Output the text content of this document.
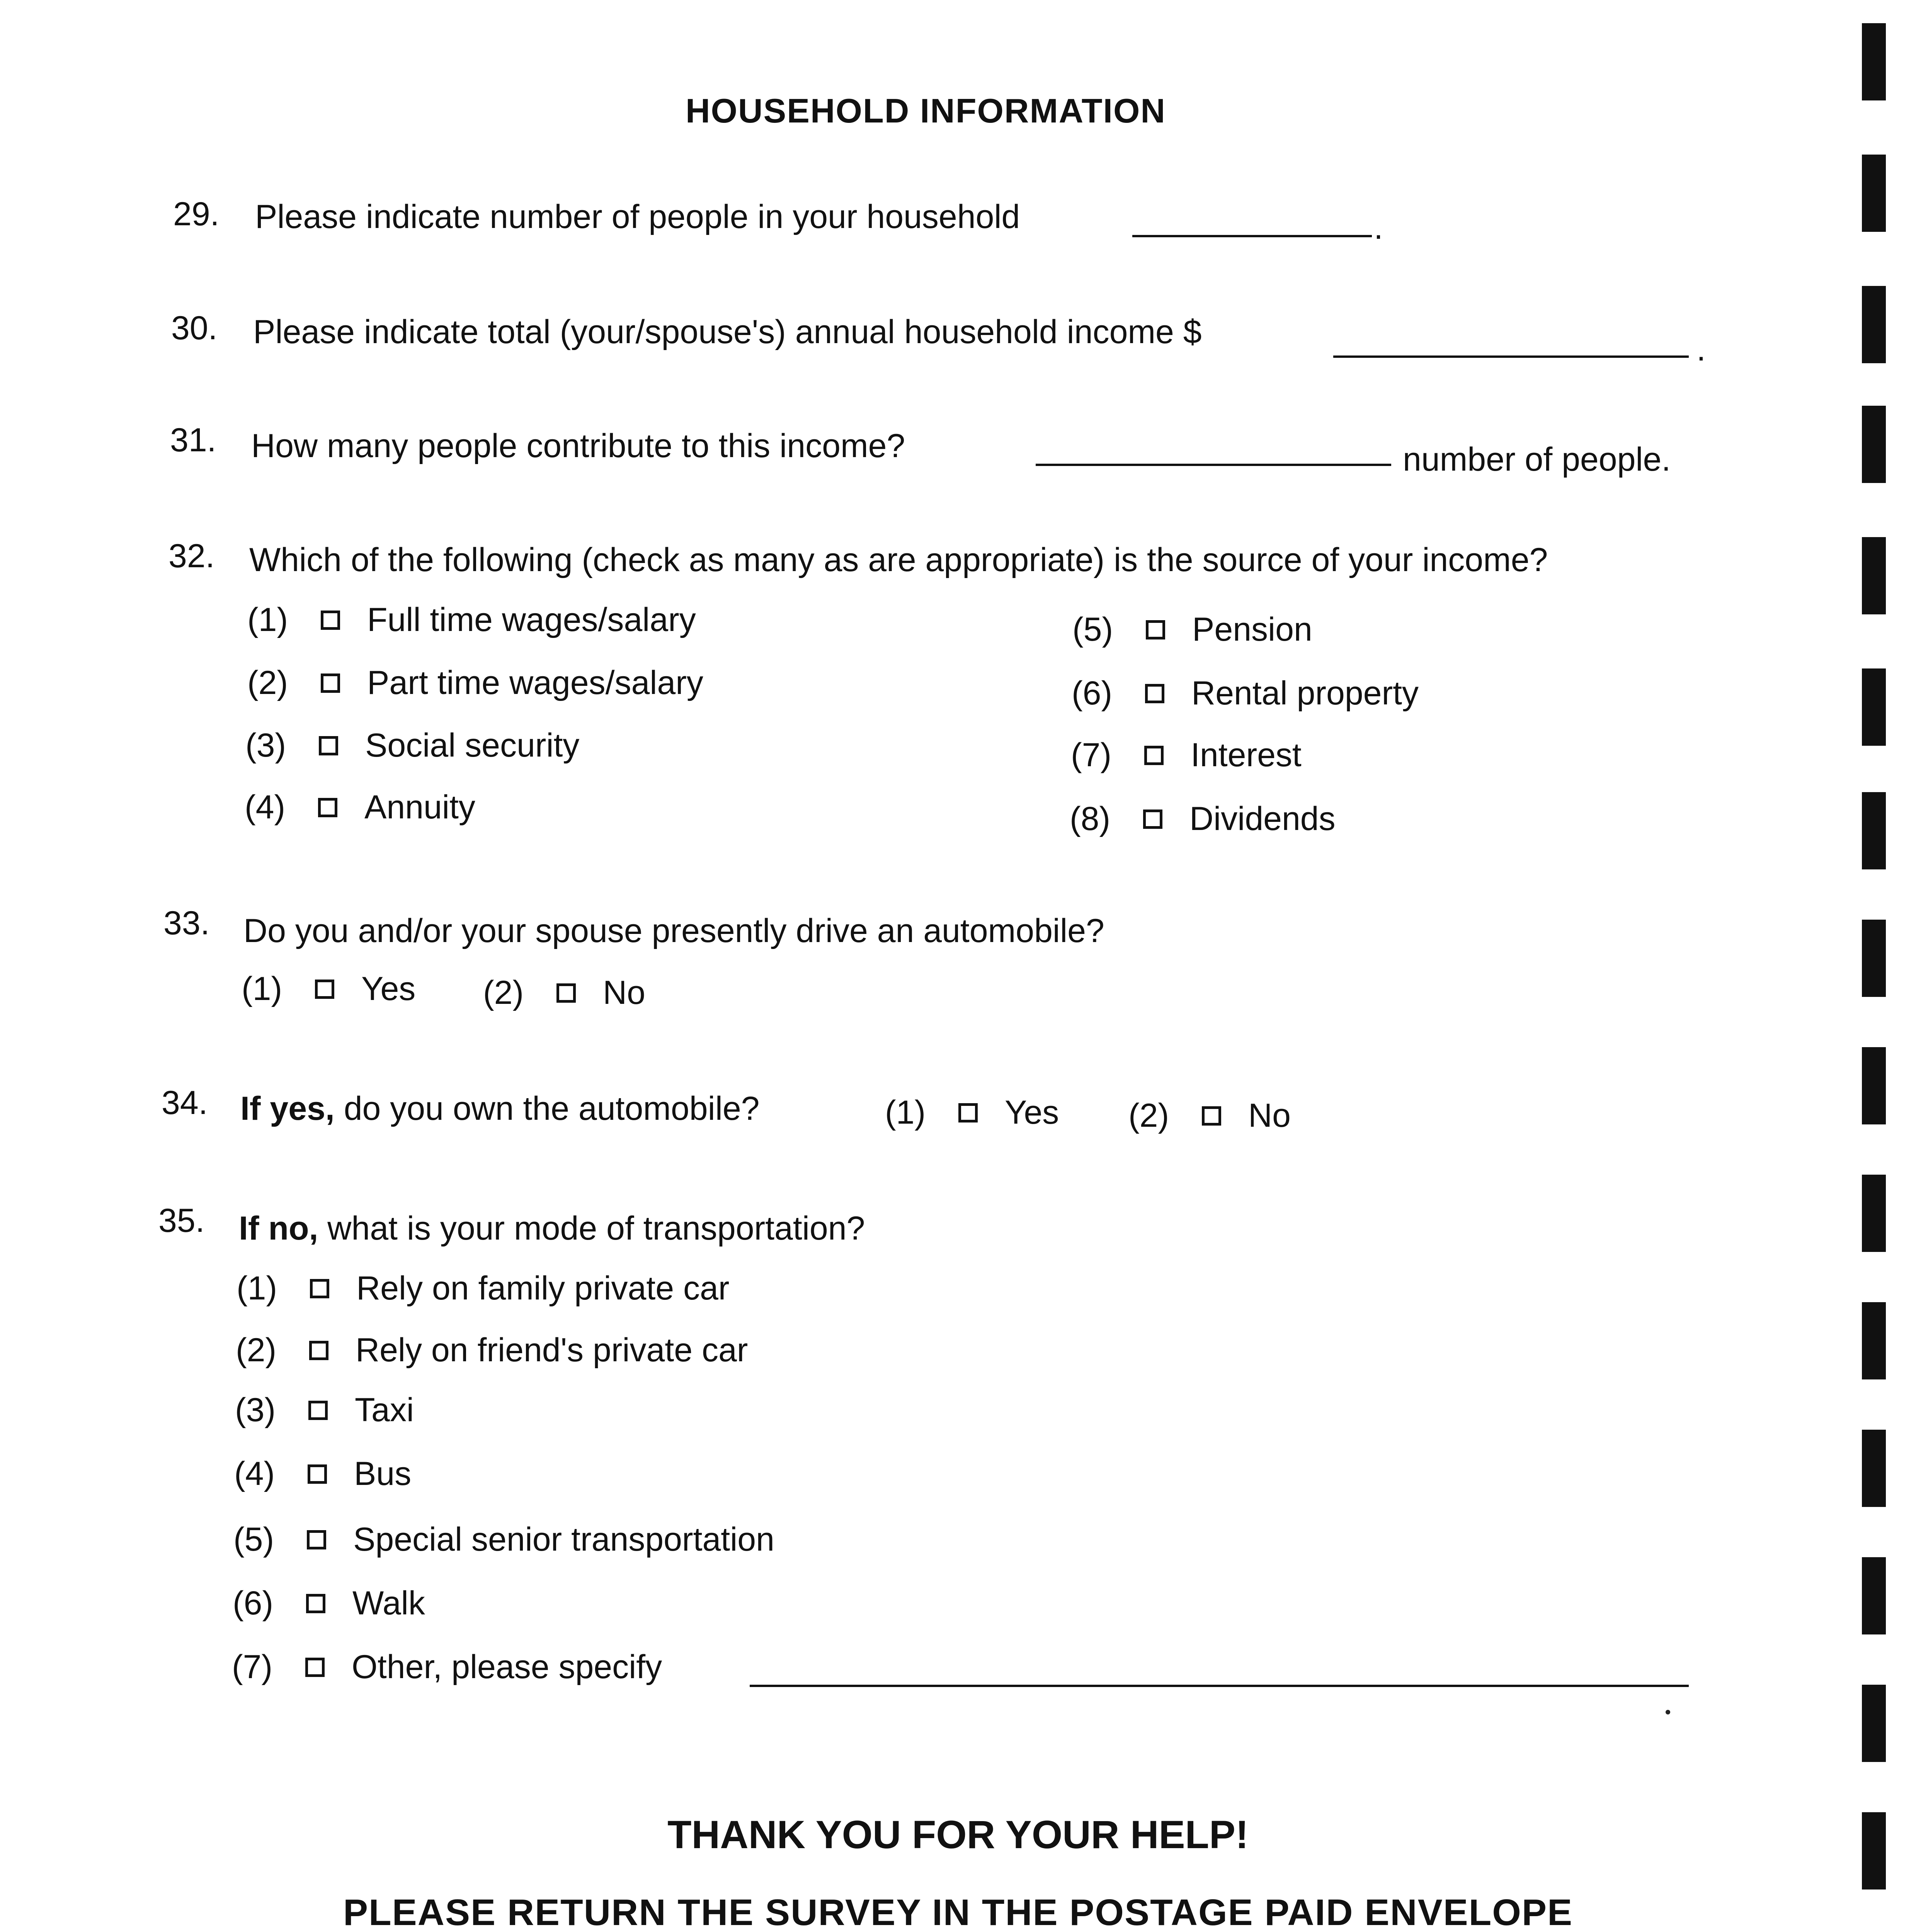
HOUSEHOLD INFORMATION
29. Please indicate number of people in your household	.
30. Please indicate total (your/spouse's) annual household income $	.
31. How many people contribute to this income?	number of people.
32. Which of the following (check as many as are appropriate) is the source of your income?
(1)	Full time wages/salary
(2)	Part time wages/salary
(3)	Social security
(4)	Annuity
(5)	Pension
(6)	Rental property
(7)	Interest
(8)	Dividends
33. Do you and/or your spouse presently drive an automobile?
(1)	Yes (2)	No
34. If yes, do you own the automobile?	(1)	Yes (2)	No
35. If no, what is your mode of transportation?
(1)	Rely on family private car
(2)	Rely on friend's private car
(3)	Taxi
(4)	Bus
(5)	Special senior transportation
(6)	Walk
(7)	Other, please specify
THANK YOU FOR YOUR HELP!
PLEASE RETURN THE SURVEY IN THE POSTAGE PAID ENVELOPE
